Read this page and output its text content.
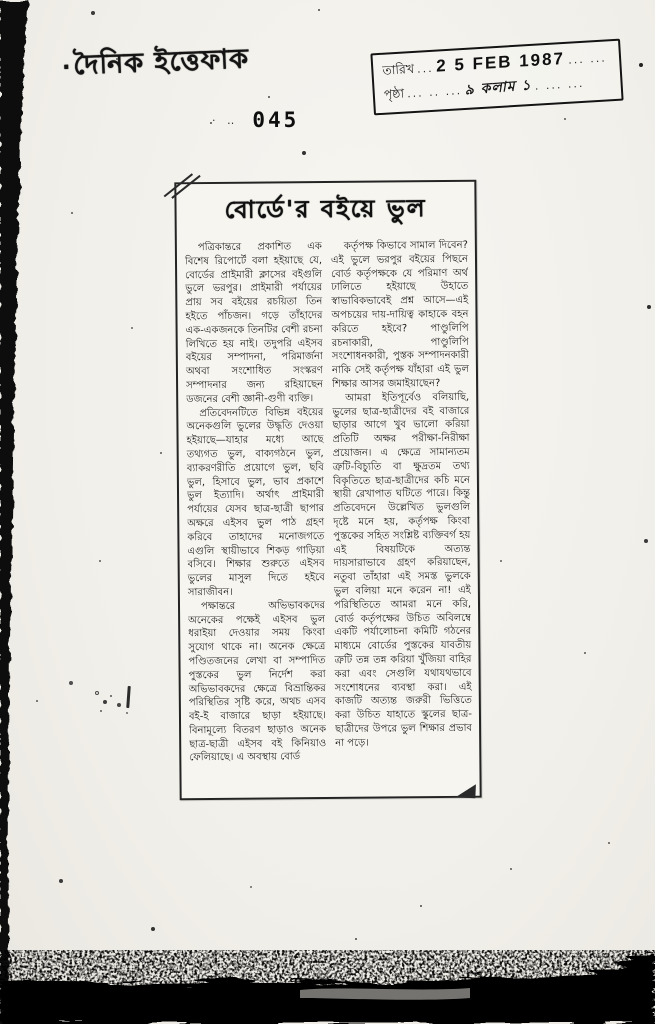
·দৈনিক ইত্তেফাক	তারিখ ... 2 5 FEB 1987 ... ...
পৃষ্ঠা ... .. ... ৯ কলাম ১ . ... ...
· ‥ 045
বোর্ডে'র বইয়ে ভুল

পত্রিকান্তরে প্রকাশিত এক বিশেষ রিপোর্টে বলা হইয়াছে যে, বোর্ডের প্রাইমারী ক্লাসের বইগুলি ভুলে ভরপুর। প্রাইমারী পর্যায়ের প্রায় সব বইয়ের রচয়িতা তিন হইতে পাঁচজন। গড়ে তাঁহাদের এক-একজনকে তিনটির বেশী রচনা লিখিতে হয় নাই। তদুপরি এইসব বইয়ের সম্পাদনা, পরিমার্জনা অথবা সংশোধিত সংস্করণ সম্পাদনার জন্য রহিয়াছেন ডজনের বেশী জ্ঞানী-গুণী ব্যক্তি।

প্রতিবেদনটিতে বিভিন্ন বইয়ের অনেকগুলি ভুলের উদ্ধৃতি দেওয়া হইয়াছে—যাহার মধ্যে আছে তথ্যগত ভুল, বাক্যগঠনে ভুল, ব্যাকরণরীতি প্রয়োগে ভুল, ছবি ভুল, হিসাবে ভুল, ভাব প্রকাশে ভুল ইত্যাদি। অর্থাৎ প্রাইমারী পর্যায়ের যেসব ছাত্র-ছাত্রী ছাপার অক্ষরে এইসব ভুল পাঠ গ্রহণ করিবে তাহাদের মনোজগতে এগুলি স্থায়ীভাবে শিকড় গাড়িয়া বসিবে। শিক্ষার শুরুতে এইসব ভুলের মাসুল দিতে হইবে সারাজীবন।

পক্ষান্তরে অভিভাবকদের অনেকের পক্ষেই এইসব ভুল ধরাইয়া দেওয়ার সময় কিংবা সুযোগ থাকে না। অনেক ক্ষেত্রে পণ্ডিতজনের লেখা বা সম্পাদিত পুস্তকের ভুল নির্দেশ করা অভিভাবকদের ক্ষেত্রে বিভ্রান্তিকর পরিস্থিতির সৃষ্টি করে, অথচ এসব বই-ই বাজারে ছাড়া হইয়াছে। বিনামূল্যে বিতরণ ছাড়াও অনেক ছাত্র-ছাত্রী এইসব বই কিনিয়াও ফেলিয়াছে। এ অবস্থায় বোর্ড

কর্তৃপক্ষ কিভাবে সামাল দিবেন? এই ভুলে ভরপুর বইয়ের পিছনে বোর্ড কর্তৃপক্ষকে যে পরিমাণ অর্থ ঢালিতে হইয়াছে উহাতে স্বাভাবিকভাবেই প্রশ্ন আসে—এই অপচয়ের দায়-দায়িত্ব কাহাকে বহন করিতে হইবে? পাণ্ডুলিপি রচনাকারী, পাণ্ডুলিপি সংশোধনকারী, পুস্তক সম্পাদনকারী নাকি সেই কর্তৃপক্ষ যাঁহারা এই ভুল শিক্ষার আসর জমাইয়াছেন?

আমরা ইতিপূর্বেও বলিয়াছি, ভুলের ছাত্র-ছাত্রীদের বই বাজারে ছাড়ার আগে খুব ভালো করিয়া প্রতিটি অক্ষর পরীক্ষা-নিরীক্ষা প্রয়োজন। এ ক্ষেত্রে সামান্যতম ত্রুটি-বিচ্যুতি বা ক্ষুদ্রতম তথ্য বিকৃতিতে ছাত্র-ছাত্রীদের কচি মনে স্থায়ী রেখাপাত ঘটিতে পারে। কিন্তু প্রতিবেদনে উল্লেখিত ভুলগুলি দৃষ্টে মনে হয়, কর্তৃপক্ষ কিংবা পুস্তকের সহিত সংশ্লিষ্ট ব্যক্তিবর্গ হয় এই বিষয়টিকে অত্যন্ত দায়সারাভাবে গ্রহণ করিয়াছেন, নতুবা তাঁহারা এই সমস্ত ভুলকে ভুল বলিয়া মনে করেন না! এই পরিস্থিতিতে আমরা মনে করি, বোর্ড কর্তৃপক্ষের উচিত অবিলম্বে একটি পর্যালোচনা কমিটি গঠনের মাধ্যমে বোর্ডের পুস্তকের যাবতীয় ত্রুটি তন্ন তন্ন করিয়া খুঁজিয়া বাহির করা এবং সেগুলি যথাযথভাবে সংশোধনের ব্যবস্থা করা। এই কাজটি অত্যন্ত জরুরী ভিত্তিতে করা উচিত যাহাতে স্কুলের ছাত্র-ছাত্রীদের উপরে ভুল শিক্ষার প্রভাব না পড়ে।
